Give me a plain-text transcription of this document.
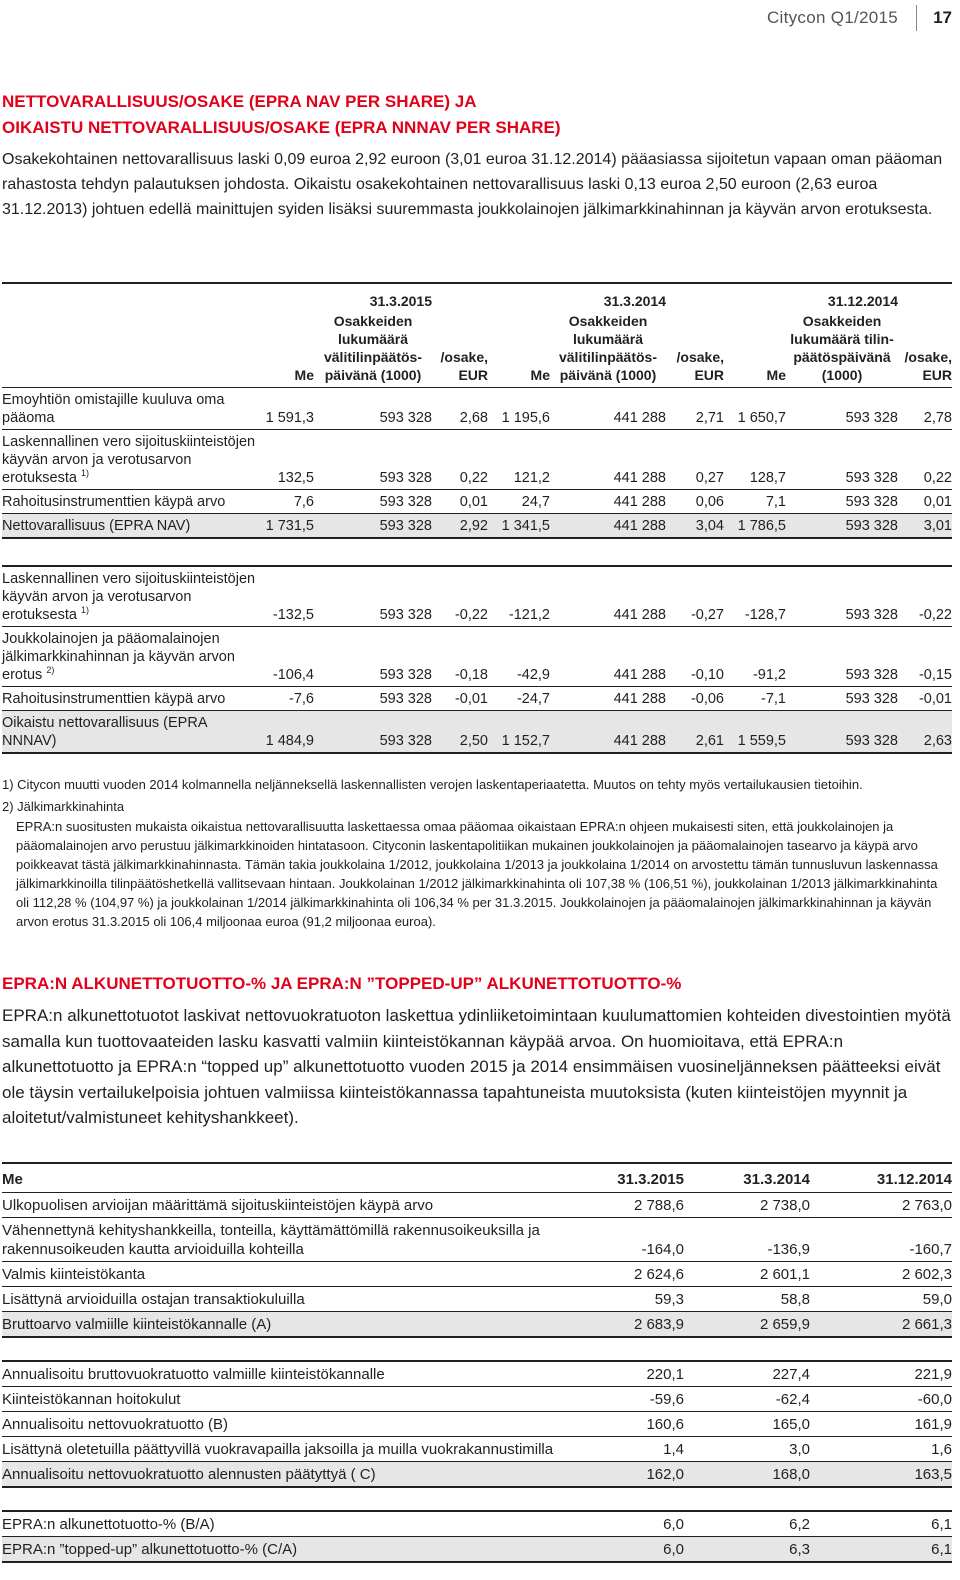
Citycon Q1/2015	17
NETTOVARALLISUUS/OSAKE (EPRA NAV PER SHARE) JA
OIKAISTU NETTOVARALLISUUS/OSAKE (EPRA NNNAV PER SHARE)

Osakekohtainen nettovarallisuus laski 0,09 euroa 2,92 euroon (3,01 euroa 31.12.2014) pääasiassa sijoitetun vapaan oman pääoman rahastosta tehdyn palautuksen johdosta. Oikaistu osakekohtainen nettovarallisuus laski 0,13 euroa 2,50 euroon (2,63 euroa 31.12.2013) johtuen edellä mainittujen syiden lisäksi suuremmasta joukkolainojen jälkimarkkinahinnan ja käyvän arvon erotuksesta.

	31.3.2015			31.3.2014			31.12.2014		
	Me	Osakkeiden lukumäärä välitilinpäätös-päivänä (1000)	/osake, EUR	Me	Osakkeiden lukumäärä välitilinpäätös-päivänä (1000)	/osake, EUR	Me	Osakkeiden lukumäärä tilin-päätöspäivänä (1000)	/osake, EUR
Emoyhtiön omistajille kuuluva oma pääoma	1 591,3	593 328	2,68	1 195,6	441 288	2,71	1 650,7	593 328	2,78
Laskennallinen vero sijoituskiinteistöjen käyvän arvon ja verotusarvon erotuksesta $^{1)}$	132,5	593 328	0,22	121,2	441 288	0,27	128,7	593 328	0,22
Rahoitusinstrumenttien käypä arvo	7,6	593 328	0,01	24,7	441 288	0,06	7,1	593 328	0,01
Nettovarallisuus (EPRA NAV)	1 731,5	593 328	2,92	1 341,5	441 288	3,04	1 786,5	593 328	3,01

Laskennallinen vero sijoituskiinteistöjen käyvän arvon ja verotusarvon erotuksesta $^{1)}$	-132,5	593 328	-0,22	-121,2	441 288	-0,27	-128,7	593 328	-0,22
Joukkolainojen ja pääomalainojen jälkimarkkinahinnan ja käyvän arvon erotus $^{2)}$	-106,4	593 328	-0,18	-42,9	441 288	-0,10	-91,2	593 328	-0,15
Rahoitusinstrumenttien käypä arvo	-7,6	593 328	-0,01	-24,7	441 288	-0,06	-7,1	593 328	-0,01
Oikaistu nettovarallisuus (EPRA NNNAV)	1 484,9	593 328	2,50	1 152,7	441 288	2,61	1 559,5	593 328	2,63

1) Citycon muutti vuoden 2014 kolmannella neljänneksellä laskennallisten verojen laskentaperiaatetta. Muutos on tehty myös vertailukausien tietoihin.

2) Jälkimarkkinahinta

EPRA:n suositusten mukaista oikaistua nettovarallisuutta laskettaessa omaa pääomaa oikaistaan EPRA:n ohjeen mukaisesti siten, että joukkolainojen ja pääomalainojen arvo perustuu jälkimarkkinoiden hintatasoon. Cityconin laskentapolitiikan mukainen joukkolainojen ja pääomalainojen tasearvo ja käypä arvo poikkeavat tästä jälkimarkkinahinnasta. Tämän takia joukkolaina 1/2012, joukkolaina 1/2013 ja joukkolaina 1/2014 on arvostettu tämän tunnusluvun laskennassa jälkimarkkinoilla tilinpäätöshetkellä vallitsevaan hintaan. Joukkolainan 1/2012 jälkimarkkinahinta oli 107,38 % (106,51 %), joukkolainan 1/2013 jälkimarkkinahinta oli 112,28 % (104,97 %) ja joukkolainan 1/2014 jälkimarkkinahinta oli 106,34 % per 31.3.2015. Joukkolainojen ja pääomalainojen jälkimarkkinahinnan ja käyvän arvon erotus 31.3.2015 oli 106,4 miljoonaa euroa (91,2 miljoonaa euroa).

EPRA:N ALKUNETTOTUOTTO-% JA EPRA:N ”TOPPED-UP” ALKUNETTOTUOTTO-%

EPRA:n alkunettotuotot laskivat nettovuokratuoton laskettua ydinliiketoimintaan kuulumattomien kohteiden divestointien myötä samalla kun tuottovaateiden lasku kasvatti valmiin kiinteistökannan käypää arvoa. On huomioitava, että EPRA:n alkunettotuotto ja EPRA:n “topped up” alkunettotuotto vuoden 2015 ja 2014 ensimmäisen vuosineljänneksen päätteeksi eivät ole täysin vertailukelpoisia johtuen valmiissa kiinteistökannassa tapahtuneista muutoksista (kuten kiinteistöjen myynnit ja aloitetut/valmistuneet kehityshankkeet).

Me	31.3.2015	31.3.2014	31.12.2014
Ulkopuolisen arvioijan määrittämä sijoituskiinteistöjen käypä arvo	2 788,6	2 738,0	2 763,0
Vähennettynä kehityshankkeilla, tonteilla, käyttämättömillä rakennusoikeuksilla ja rakennusoikeuden kautta arvioiduilla kohteilla	-164,0	-136,9	-160,7
Valmis kiinteistökanta	2 624,6	2 601,1	2 602,3
Lisättynä arvioiduilla ostajan transaktiokuluilla	59,3	58,8	59,0
Bruttoarvo valmiille kiinteistökannalle (A)	2 683,9	2 659,9	2 661,3

Annualisoitu bruttovuokratuotto valmiille kiinteistökannalle	220,1	227,4	221,9
Kiinteistökannan hoitokulut	-59,6	-62,4	-60,0
Annualisoitu nettovuokratuotto (B)	160,6	165,0	161,9
Lisättynä oletetuilla päättyvillä vuokravapailla jaksoilla ja muilla vuokrakannustimilla	1,4	3,0	1,6
Annualisoitu nettovuokratuotto alennusten päätyttyä ( C)	162,0	168,0	163,5

EPRA:n alkunettotuotto-% (B/A)	6,0	6,2	6,1
EPRA:n ”topped-up” alkunettotuotto-% (C/A)	6,0	6,3	6,1
